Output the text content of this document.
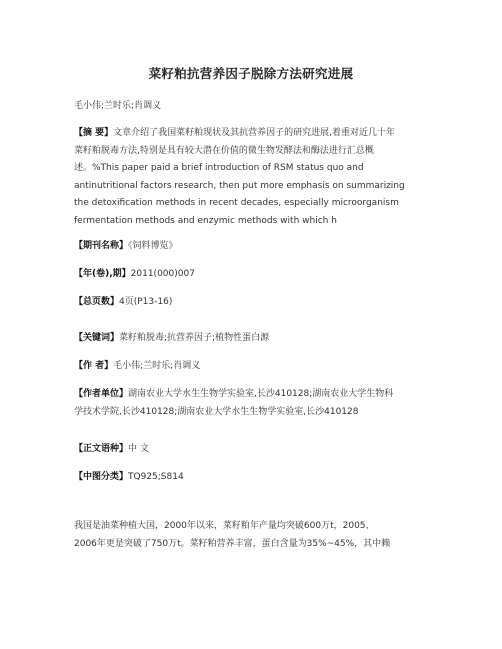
菜籽粕抗营养因子脱除方法研究进展
毛小伟;兰时乐;肖调义
【摘 要】文章介绍了我国菜籽粕现状及其抗营养因子的研究进展,着重对近几十年
菜籽粕脱毒方法,特别是具有较大潜在价值的微生物发酵法和酶法进行汇总概
述。%This paper paid a brief introduction of RSM status quo and
antinutritional factors research, then put more emphasis on summarizing
the detoxification methods in recent decades, especially microorganism
fermentation methods and enzymic methods with which h
【期刊名称】《饲料博览》
【年(卷),期】2011(000)007
【总页数】4页(P13-16)
【关键词】菜籽粕脱毒;抗营养因子;植物性蛋白源
【作 者】毛小伟;兰时乐;肖调义
【作者单位】湖南农业大学水生生物学实验室,长沙410128;湖南农业大学生物科
学技术学院,长沙410128;湖南农业大学水生生物学实验室,长沙410128
【正文语种】中 文
【中图分类】TQ925;S814
我国是油菜种植大国，2000年以来，菜籽粕年产量均突破600万t，2005、
2006年更是突破了750万t。菜籽粕营养丰富，蛋白含量为35%~45%，其中赖
